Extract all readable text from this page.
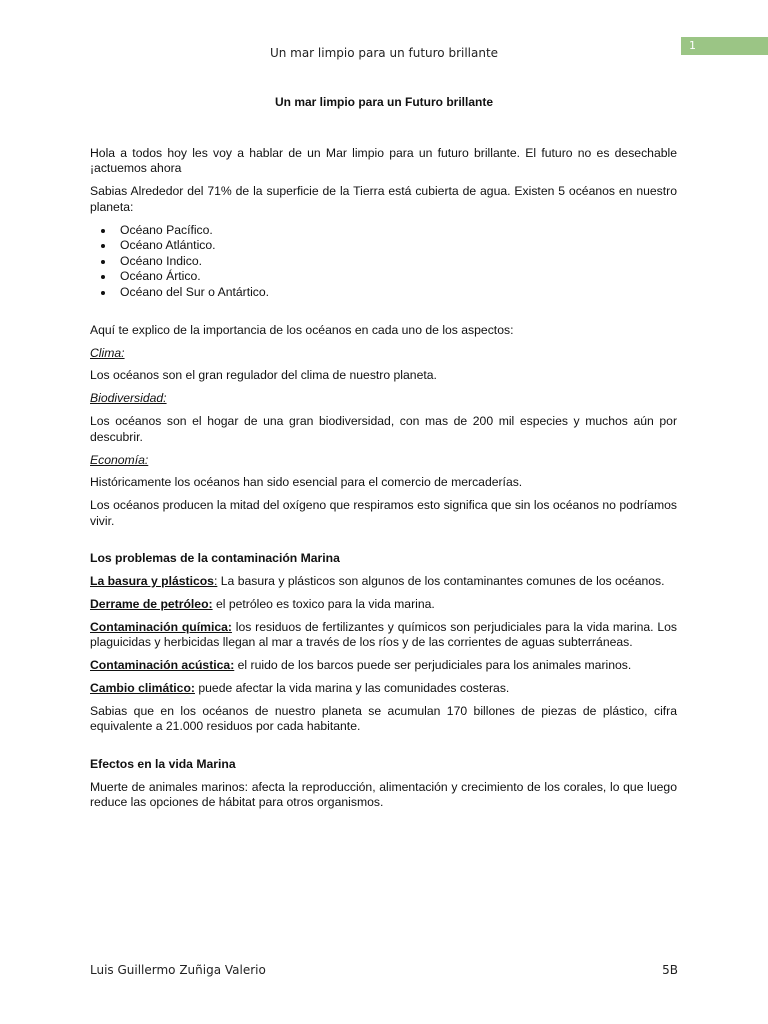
Un mar limpio para un futuro brillante
1
Un mar limpio para un Futuro brillante

Hola a todos hoy les voy a hablar de un Mar limpio para un futuro brillante. El futuro no es desechable ¡actuemos ahora

Sabias Alrededor del 71% de la superficie de la Tierra está cubierta de agua. Existen 5 océanos en nuestro planeta:

Océano Pacífico.
Océano Atlántico.
Océano Indico.
Océano Ártico.
Océano del Sur o Antártico.

Aquí te explico de la importancia de los océanos en cada uno de los aspectos:

Clima:

Los océanos son el gran regulador del clima de nuestro planeta.

Biodiversidad:

Los océanos son el hogar de una gran biodiversidad, con mas de 200 mil especies y muchos aún por descubrir.

Economía:

Históricamente los océanos han sido esencial para el comercio de mercaderías.

Los océanos producen la mitad del oxígeno que respiramos esto significa que sin los océanos no podríamos vivir.

Los problemas de la contaminación Marina

La basura y plásticos: La basura y plásticos son algunos de los contaminantes comunes de los océanos.

Derrame de petróleo: el petróleo es toxico para la vida marina.

Contaminación química: los residuos de fertilizantes y químicos son perjudiciales para la vida marina. Los plaguicidas y herbicidas llegan al mar a través de los ríos y de las corrientes de aguas subterráneas.

Contaminación acústica: el ruido de los barcos puede ser perjudiciales para los animales marinos.

Cambio climático: puede afectar la vida marina y las comunidades costeras.

Sabias que en los océanos de nuestro planeta se acumulan 170 billones de piezas de plástico, cifra equivalente a 21.000 residuos por cada habitante.

Efectos en la vida Marina

Muerte de animales marinos: afecta la reproducción, alimentación y crecimiento de los corales, lo que luego reduce las opciones de hábitat para otros organismos.

Luis Guillermo Zuñiga Valerio	5B
